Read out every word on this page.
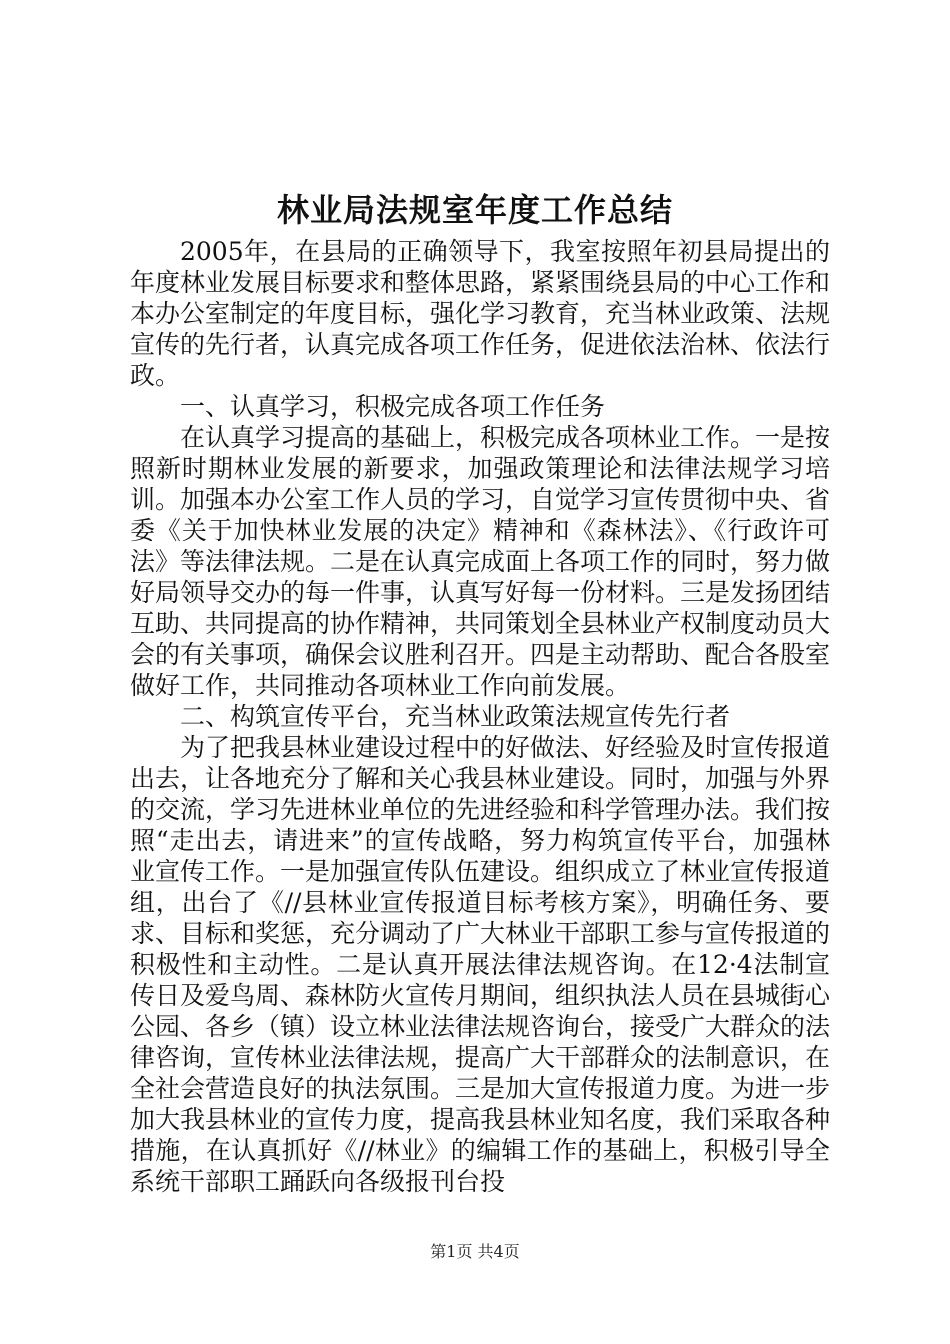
林业局法规室年度工作总结

2005年，在县局的正确领导下，我室按照年初县局提出的年度林业发展目标要求和整体思路，紧紧围绕县局的中心工作和本办公室制定的年度目标，强化学习教育，充当林业政策、法规宣传的先行者，认真完成各项工作任务，促进依法治林、依法行政。

一、认真学习，积极完成各项工作任务

在认真学习提高的基础上，积极完成各项林业工作。一是按照新时期林业发展的新要求，加强政策理论和法律法规学习培训。加强本办公室工作人员的学习，自觉学习宣传贯彻中央、省委《关于加快林业发展的决定》精神和《森林法》、《行政许可法》等法律法规。二是在认真完成面上各项工作的同时，努力做好局领导交办的每一件事，认真写好每一份材料。三是发扬团结互助、共同提高的协作精神，共同策划全县林业产权制度动员大会的有关事项，确保会议胜利召开。四是主动帮助、配合各股室做好工作，共同推动各项林业工作向前发展。

二、构筑宣传平台，充当林业政策法规宣传先行者

为了把我县林业建设过程中的好做法、好经验及时宣传报道出去，让各地充分了解和关心我县林业建设。同时，加强与外界的交流，学习先进林业单位的先进经验和科学管理办法。我们按照“走出去，请进来”的宣传战略，努力构筑宣传平台，加强林业宣传工作。一是加强宣传队伍建设。组织成立了林业宣传报道组，出台了《//县林业宣传报道目标考核方案》，明确任务、要求、目标和奖惩，充分调动了广大林业干部职工参与宣传报道的积极性和主动性。二是认真开展法律法规咨询。在12·4法制宣传日及爱鸟周、森林防火宣传月期间，组织执法人员在县城街心公园、各乡（镇）设立林业法律法规咨询台，接受广大群众的法律咨询，宣传林业法律法规，提高广大干部群众的法制意识，在全社会营造良好的执法氛围。三是加大宣传报道力度。为进一步加大我县林业的宣传力度，提高我县林业知名度，我们采取各种措施，在认真抓好《//林业》的编辑工作的基础上，积极引导全系统干部职工踊跃向各级报刊台投

第1页 共4页
